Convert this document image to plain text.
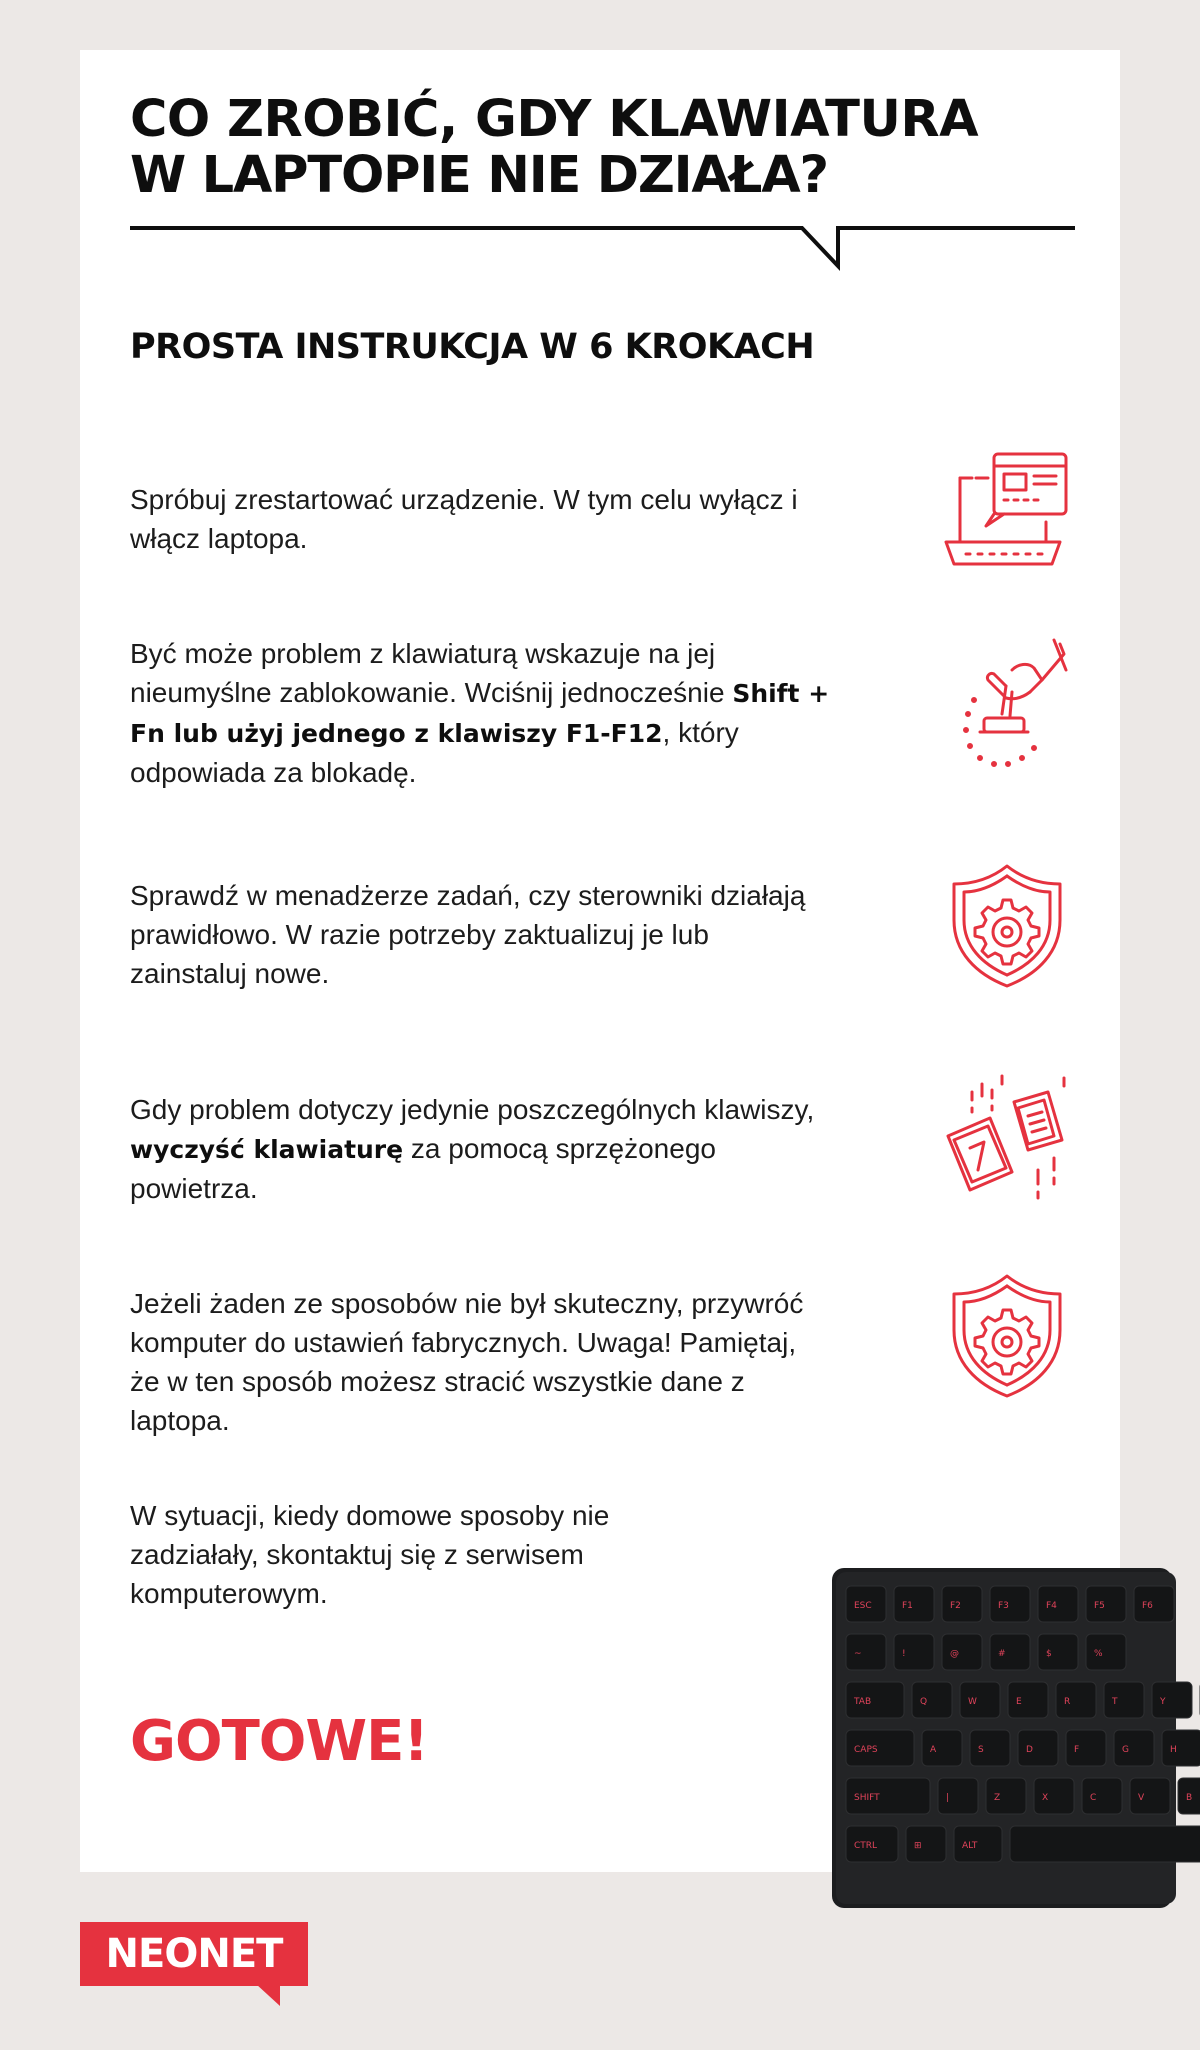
CO ZROBIĆ, GDY KLAWIATURA
W LAPTOPIE NIE DZIAŁA?
PROSTA INSTRUKCJA W 6 KROKACH

Spróbuj zrestartować urządzenie. W tym celu wyłącz i włącz laptopa.

Być może problem z klawiaturą wskazuje na jej nieumyślne zablokowanie. Wciśnij jednocześnie Shift + Fn lub użyj jednego z klawiszy F1-F12, który odpowiada za blokadę.

Sprawdź w menadżerze zadań, czy sterowniki działają prawidłowo. W razie potrzeby zaktualizuj je lub zainstaluj nowe.

Gdy problem dotyczy jedynie poszczególnych klawiszy, wyczyść klawiaturę za pomocą sprzężonego powietrza.

Jeżeli żaden ze sposobów nie był skuteczny, przywróć komputer do ustawień fabrycznych. Uwaga! Pamiętaj, że w ten sposób możesz stracić wszystkie dane z laptopa.

W sytuacji, kiedy domowe sposoby nie zadziałały, skontaktuj się z serwisem komputerowym.

GOTOWE!
ESC	F1	F2	F3	F4	F5	F6
~	!	@	#	$	%
TAB	Q	W	E	R	T	Y
CAPS	A	S	D	F	G	H
SHIFT	|	Z	X	C	V	B
CTRL	⊞	ALT
NEONET
